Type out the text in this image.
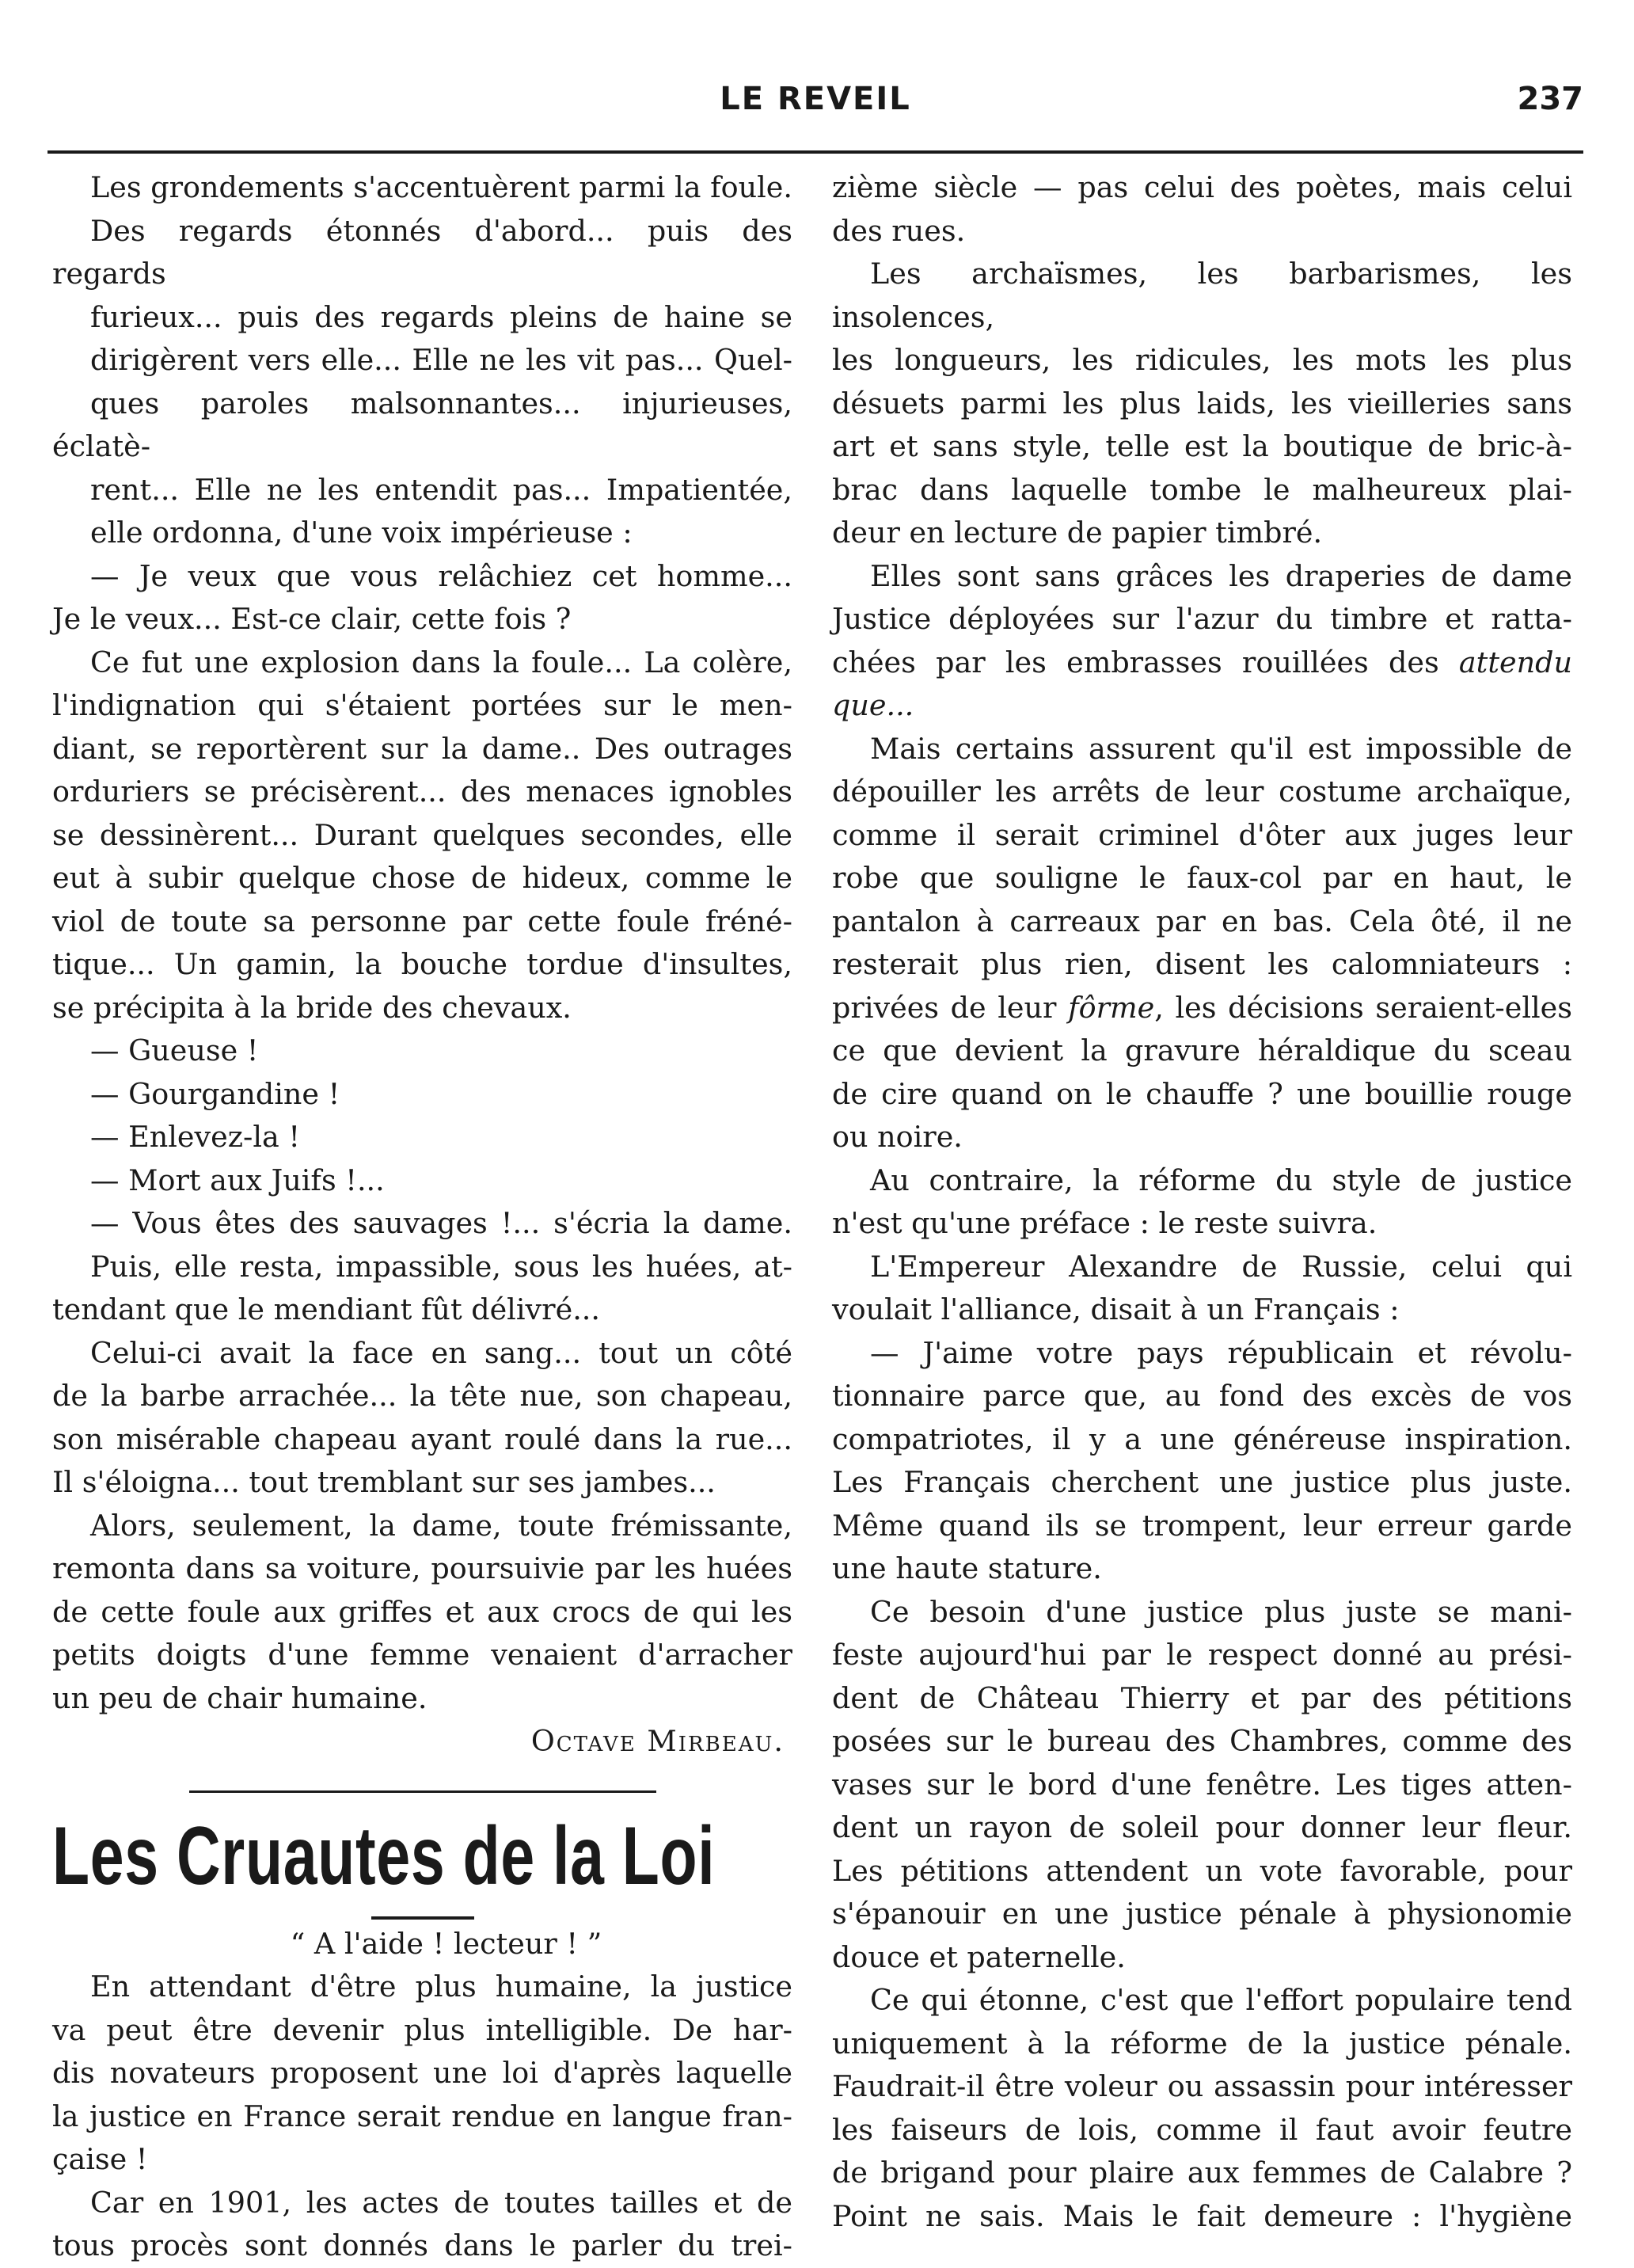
LE REVEIL	237

Les grondements s'accentuèrent parmi la foule.
Des regards étonnés d'abord... puis des regards
furieux... puis des regards pleins de haine se
dirigèrent vers elle... Elle ne les vit pas... Quel-
ques paroles malsonnantes... injurieuses, éclatè-
rent... Elle ne les entendit pas... Impatientée,
elle ordonna, d'une voix impérieuse :

— Je veux que vous relâchiez cet homme...
Je le veux... Est-ce clair, cette fois ?

Ce fut une explosion dans la foule... La colère,
l'indignation qui s'étaient portées sur le men-
diant, se reportèrent sur la dame.. Des outrages
orduriers se précisèrent... des menaces ignobles
se dessinèrent... Durant quelques secondes, elle
eut à subir quelque chose de hideux, comme le
viol de toute sa personne par cette foule fréné-
tique... Un gamin, la bouche tordue d'insultes,
se précipita à la bride des chevaux.

— Gueuse !

— Gourgandine !

— Enlevez-la !

— Mort aux Juifs !...

— Vous êtes des sauvages !... s'écria la dame.

Puis, elle resta, impassible, sous les huées, at-
tendant que le mendiant fût délivré...

Celui-ci avait la face en sang... tout un côté
de la barbe arrachée... la tête nue, son chapeau,
son misérable chapeau ayant roulé dans la rue...
Il s'éloigna... tout tremblant sur ses jambes...

Alors, seulement, la dame, toute frémissante,
remonta dans sa voiture, poursuivie par les huées
de cette foule aux griffes et aux crocs de qui les
petits doigts d'une femme venaient d'arracher
un peu de chair humaine.

Octave Mirbeau.

Les Cruautes de la Loi

“ A l'aide ! lecteur ! ”

En attendant d'être plus humaine, la justice
va peut être devenir plus intelligible. De har-
dis novateurs proposent une loi d'après laquelle
la justice en France serait rendue en langue fran-
çaise !

Car en 1901, les actes de toutes tailles et de
tous procès sont donnés dans le parler du trei-

zième siècle — pas celui des poètes, mais celui
des rues.

Les archaïsmes, les barbarismes, les insolences,
les longueurs, les ridicules, les mots les plus
désuets parmi les plus laids, les vieilleries sans
art et sans style, telle est la boutique de bric-à-
brac dans laquelle tombe le malheureux plai-
deur en lecture de papier timbré.

Elles sont sans grâces les draperies de dame
Justice déployées sur l'azur du timbre et ratta-
chées par les embrasses rouillées des attendu
que...

Mais certains assurent qu'il est impossible de
dépouiller les arrêts de leur costume archaïque,
comme il serait criminel d'ôter aux juges leur
robe que souligne le faux-col par en haut, le
pantalon à carreaux par en bas. Cela ôté, il ne
resterait plus rien, disent les calomniateurs :
privées de leur fôrme, les décisions seraient-elles
ce que devient la gravure héraldique du sceau
de cire quand on le chauffe ? une bouillie rouge
ou noire.

Au contraire, la réforme du style de justice
n'est qu'une préface : le reste suivra.

L'Empereur Alexandre de Russie, celui qui
voulait l'alliance, disait à un Français :

— J'aime votre pays républicain et révolu-
tionnaire parce que, au fond des excès de vos
compatriotes, il y a une généreuse inspiration.
Les Français cherchent une justice plus juste.
Même quand ils se trompent, leur erreur garde
une haute stature.

Ce besoin d'une justice plus juste se mani-
feste aujourd'hui par le respect donné au prési-
dent de Château Thierry et par des pétitions
posées sur le bureau des Chambres, comme des
vases sur le bord d'une fenêtre. Les tiges atten-
dent un rayon de soleil pour donner leur fleur.
Les pétitions attendent un vote favorable, pour
s'épanouir en une justice pénale à physionomie
douce et paternelle.

Ce qui étonne, c'est que l'effort populaire tend
uniquement à la réforme de la justice pénale.
Faudrait-il être voleur ou assassin pour intéresser
les faiseurs de lois, comme il faut avoir feutre
de brigand pour plaire aux femmes de Calabre ?
Point ne sais. Mais le fait demeure : l'hygiène
